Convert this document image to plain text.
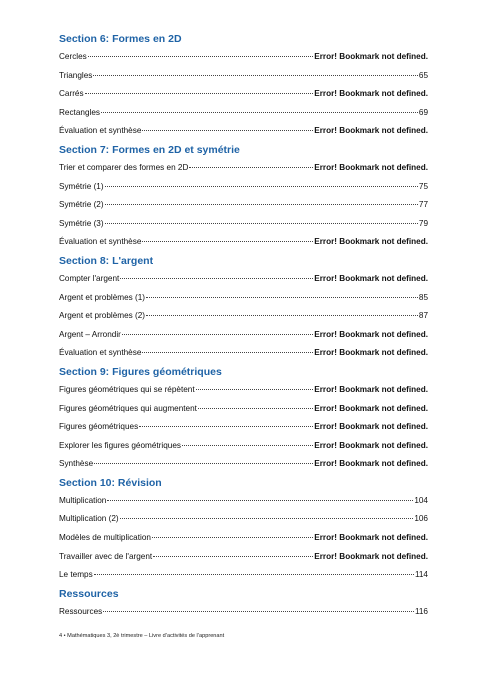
Section 6: Formes en 2D
Cercles	Error! Bookmark not defined.
Triangles	65
Carrés	Error! Bookmark not defined.
Rectangles	69
Évaluation et synthèse	Error! Bookmark not defined.
Section 7: Formes en 2D et symétrie
Trier et comparer des formes en 2D	Error! Bookmark not defined.
Symétrie (1)	75
Symétrie (2)	77
Symétrie (3)	79
Évaluation et synthèse	Error! Bookmark not defined.
Section 8: L'argent
Compter l'argent	Error! Bookmark not defined.
Argent et problèmes (1)	85
Argent et problèmes (2)	87
Argent – Arrondir	Error! Bookmark not defined.
Évaluation et synthèse	Error! Bookmark not defined.
Section 9: Figures géométriques
Figures géométriques qui se répètent	Error! Bookmark not defined.
Figures géométriques qui augmentent	Error! Bookmark not defined.
Figures géométriques	Error! Bookmark not defined.
Explorer les figures géométriques	Error! Bookmark not defined.
Synthèse	Error! Bookmark not defined.
Section 10: Révision
Multiplication	104
Multiplication (2)	106
Modèles de multiplication	Error! Bookmark not defined.
Travailler avec de l'argent	Error! Bookmark not defined.
Le temps	114
Ressources
Ressources	116
4 • Mathématiques 3, 2è trimestre – Livre d’activités de l’apprenant
